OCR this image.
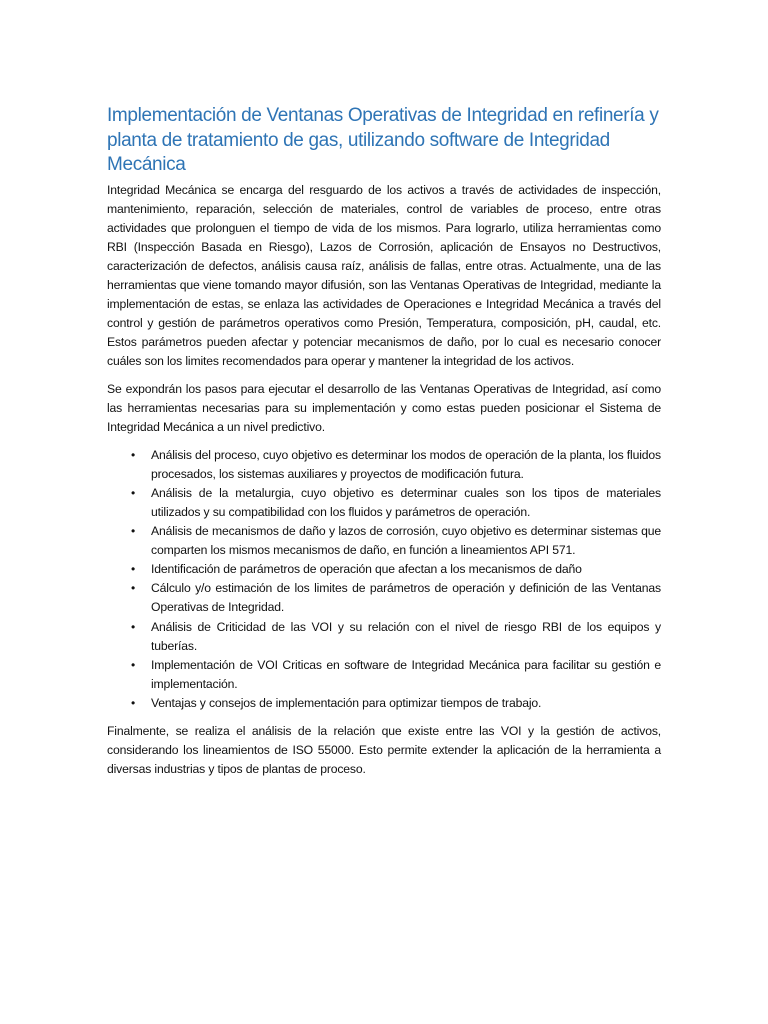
Implementación de Ventanas Operativas de Integridad en refinería y planta de tratamiento de gas, utilizando software de Integridad Mecánica

Integridad Mecánica se encarga del resguardo de los activos a través de actividades de inspección, mantenimiento, reparación, selección de materiales, control de variables de proceso, entre otras actividades que prolonguen el tiempo de vida de los mismos. Para lograrlo, utiliza herramientas como RBI (Inspección Basada en Riesgo), Lazos de Corrosión, aplicación de Ensayos no Destructivos, caracterización de defectos, análisis causa raíz, análisis de fallas, entre otras. Actualmente, una de las herramientas que viene tomando mayor difusión, son las Ventanas Operativas de Integridad, mediante la implementación de estas, se enlaza las actividades de Operaciones e Integridad Mecánica a través del control y gestión de parámetros operativos como Presión, Temperatura, composición, pH, caudal, etc. Estos parámetros pueden afectar y potenciar mecanismos de daño, por lo cual es necesario conocer cuáles son los limites recomendados para operar y mantener la integridad de los activos.

Se expondrán los pasos para ejecutar el desarrollo de las Ventanas Operativas de Integridad, así como las herramientas necesarias para su implementación y como estas pueden posicionar el Sistema de Integridad Mecánica a un nivel predictivo.

• Análisis del proceso, cuyo objetivo es determinar los modos de operación de la planta, los fluidos procesados, los sistemas auxiliares y proyectos de modificación futura.
• Análisis de la metalurgia, cuyo objetivo es determinar cuales son los tipos de materiales utilizados y su compatibilidad con los fluidos y parámetros de operación.
• Análisis de mecanismos de daño y lazos de corrosión, cuyo objetivo es determinar sistemas que comparten los mismos mecanismos de daño, en función a lineamientos API 571.
• Identificación de parámetros de operación que afectan a los mecanismos de daño
• Cálculo y/o estimación de los limites de parámetros de operación y definición de las Ventanas Operativas de Integridad.
• Análisis de Criticidad de las VOI y su relación con el nivel de riesgo RBI de los equipos y tuberías.
• Implementación de VOI Criticas en software de Integridad Mecánica para facilitar su gestión e implementación.
• Ventajas y consejos de implementación para optimizar tiempos de trabajo.

Finalmente, se realiza el análisis de la relación que existe entre las VOI y la gestión de activos, considerando los lineamientos de ISO 55000. Esto permite extender la aplicación de la herramienta a diversas industrias y tipos de plantas de proceso.
